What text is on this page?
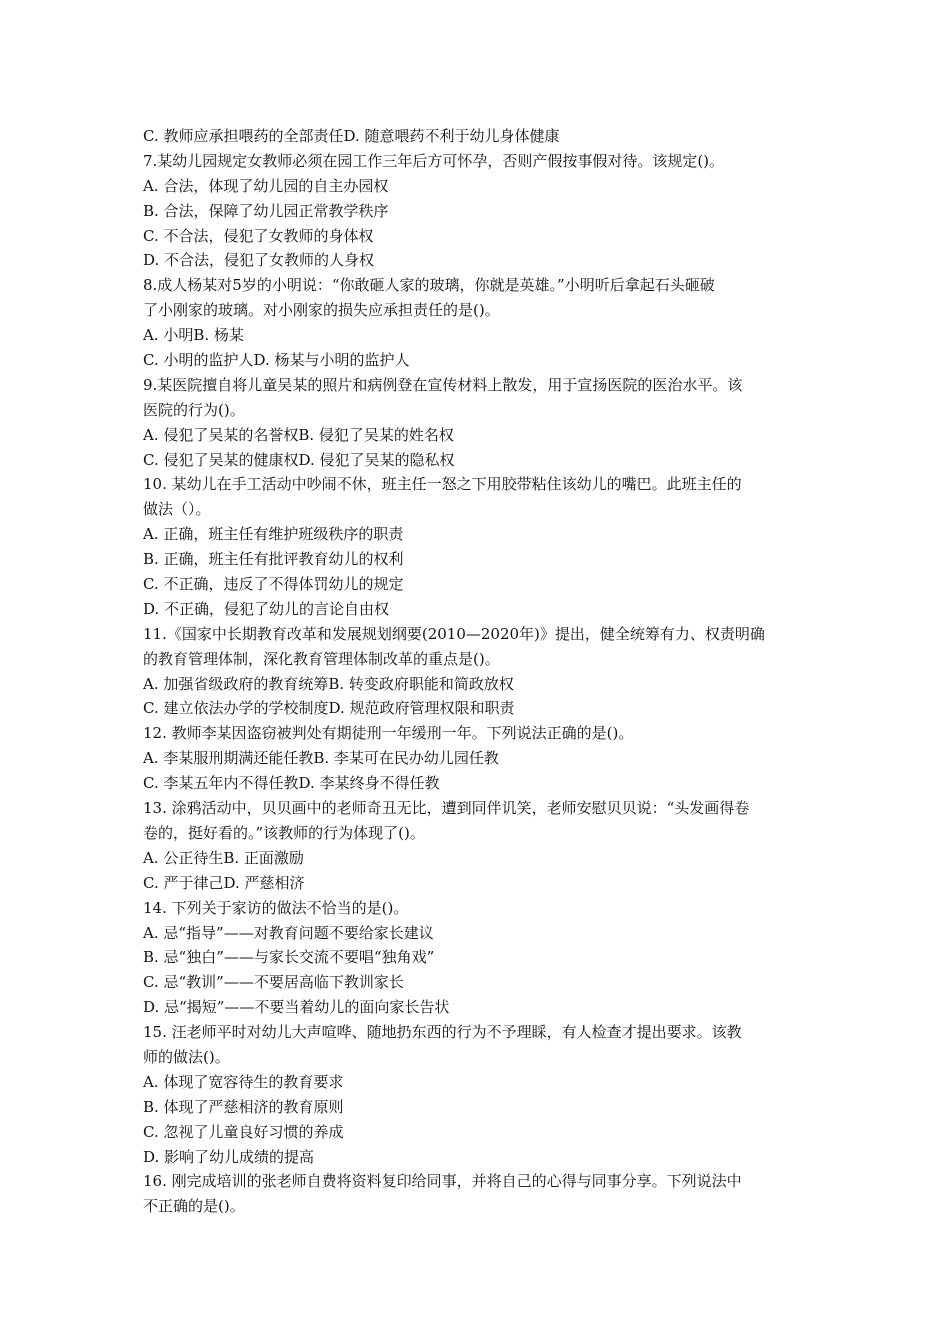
C. 教师应承担喂药的全部责任D. 随意喂药不利于幼儿身体健康
7.某幼儿园规定女教师必须在园工作三年后方可怀孕，否则产假按事假对待。该规定()。
A. 合法，体现了幼儿园的自主办园权
B. 合法，保障了幼儿园正常教学秩序
C. 不合法，侵犯了女教师的身体权
D. 不合法，侵犯了女教师的人身权
8.成人杨某对5岁的小明说：“你敢砸人家的玻璃，你就是英雄。”小明听后拿起石头砸破
了小刚家的玻璃。对小刚家的损失应承担责任的是()。
A. 小明B. 杨某
C. 小明的监护人D. 杨某与小明的监护人
9.某医院擅自将儿童吴某的照片和病例登在宣传材料上散发，用于宣扬医院的医治水平。该
医院的行为()。
A. 侵犯了吴某的名誉权B. 侵犯了吴某的姓名权
C. 侵犯了吴某的健康权D. 侵犯了吴某的隐私权
10. 某幼儿在手工活动中吵闹不休，班主任一怒之下用胶带粘住该幼儿的嘴巴。此班主任的
做法（）。
A. 正确，班主任有维护班级秩序的职责
B. 正确，班主任有批评教育幼儿的权利
C. 不正确，违反了不得体罚幼儿的规定
D. 不正确，侵犯了幼儿的言论自由权
11.《国家中长期教育改革和发展规划纲要(2010—2020年)》提出，健全统筹有力、权责明确
的教育管理体制，深化教育管理体制改革的重点是()。
A. 加强省级政府的教育统筹B. 转变政府职能和简政放权
C. 建立依法办学的学校制度D. 规范政府管理权限和职责
12. 教师李某因盗窃被判处有期徒刑一年缓刑一年。下列说法正确的是()。
A. 李某服刑期满还能任教B. 李某可在民办幼儿园任教
C. 李某五年内不得任教D. 李某终身不得任教
13. 涂鸦活动中，贝贝画中的老师奇丑无比，遭到同伴讥笑，老师安慰贝贝说：“头发画得卷
卷的，挺好看的。”该教师的行为体现了()。
A. 公正待生B. 正面激励
C. 严于律己D. 严慈相济
14. 下列关于家访的做法不恰当的是()。
A. 忌“指导”——对教育问题不要给家长建议
B. 忌“独白”——与家长交流不要唱“独角戏”
C. 忌“教训”——不要居高临下教训家长
D. 忌“揭短”——不要当着幼儿的面向家长告状
15. 汪老师平时对幼儿大声喧哗、随地扔东西的行为不予理睬，有人检查才提出要求。该教
师的做法()。
A. 体现了宽容待生的教育要求
B. 体现了严慈相济的教育原则
C. 忽视了儿童良好习惯的养成
D. 影响了幼儿成绩的提高
16. 刚完成培训的张老师自费将资料复印给同事，并将自己的心得与同事分享。下列说法中
不正确的是()。
